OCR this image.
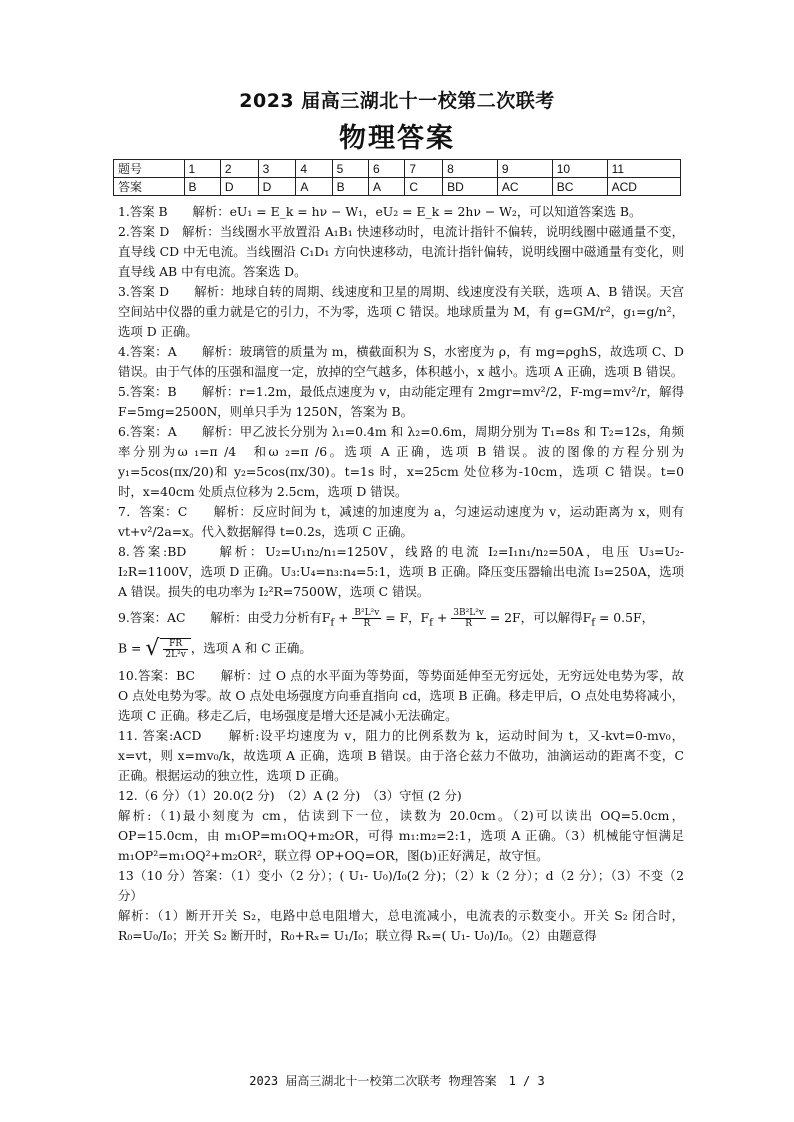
2023 届高三湖北十一校第二次联考
物理答案
题号	1	2	3	4	5	6	7	8	9	10	11
答案	B	D	D	A	B	A	C	BD	AC	BC	ACD

1.答案 B　　解析：eU₁ = E_k = hν − W₁，eU₂ = E_k = 2hν − W₂，可以知道答案选 B。

2.答案 D　解析：当线圈水平放置沿 A₁B₁ 快速移动时，电流计指针不偏转，说明线圈中磁通量不变，直导线 CD 中无电流。当线圈沿 C₁D₁ 方向快速移动，电流计指针偏转，说明线圈中磁通量有变化，则直导线 AB 中有电流。答案选 D。

3.答案 D　　解析：地球自转的周期、线速度和卫星的周期、线速度没有关联，选项 A、B 错误。天宫空间站中仪器的重力就是它的引力，不为零，选项 C 错误。地球质量为 M，有 g=GM/r²，g₁=g/n²，选项 D 正确。

4.答案：A　　解析：玻璃管的质量为 m，横截面积为 S，水密度为 ρ，有 mg=ρghS，故选项 C、D 错误。由于气体的压强和温度一定，放掉的空气越多，体积越小，x 越小。选项 A 正确，选项 B 错误。

5.答案：B　　解析：r=1.2m，最低点速度为 v，由动能定理有 2mgr=mv²/2，F-mg=mv²/r，解得 F=5mg=2500N，则单只手为 1250N，答案为 B。

6.答案：A　　解析：甲乙波长分别为 λ₁=0.4m 和 λ₂=0.6m，周期分别为 T₁=8s 和 T₂=12s，角频率分别为ω ₁=π /4　和ω ₂=π /6。选项 A 正确，选项 B 错误。波的图像的方程分别为 y₁=5cos(πx/20)和 y₂=5cos(πx/30)。t=1s 时，x=25cm 处位移为-10cm，选项 C 错误。t=0 时，x=40cm 处质点位移为 2.5cm，选项 D 错误。

7．答案：C　　解析：反应时间为 t，减速的加速度为 a，匀速运动速度为 v，运动距离为 x，则有 vt+v²/2a=x。代入数据解得 t=0.2s，选项 C 正确。

8.答案:BD　　解析：U₂=U₁n₂/n₁=1250V，线路的电流 I₂=I₁n₁/n₂=50A，电压 U₃=U₂-I₂R=1100V，选项 D 正确。U₃:U₄=n₃:n₄=5:1，选项 B 正确。降压变压器输出电流 I₃=250A，选项 A 错误。损失的电功率为 I₂²R=7500W，选项 C 错误。

9.答案：AC　　解析：由受力分析有$F_f + \frac{\text{B²L²v}}{R} = F$，$F_f + \frac{\text{3B²L²v}}{R} = 2F$，可以解得$F_f = 0.5F$，

B = √ $\frac{FR}{\text{2L²v}}$ ，选项 A 和 C 正确。

10.答案：BC　　解析：过 O 点的水平面为等势面，等势面延伸至无穷远处，无穷远处电势为零，故 O 点处电势为零。故 O 点处电场强度方向垂直指向 cd，选项 B 正确。移走甲后，O 点处电势将减小，选项 C 正确。移走乙后，电场强度是增大还是减小无法确定。

11. 答案:ACD　　解析:设平均速度为 v，阻力的比例系数为 k，运动时间为 t，又-kvt=0-mv₀，x=vt，则 x=mv₀/k，故选项 A 正确，选项 B 错误。由于洛仑兹力不做功，油滴运动的距离不变，C 正确。根据运动的独立性，选项 D 正确。

12.（6 分）（1）20.0(2 分)　（2）A (2 分)　（3）守恒 (2 分)

解析:（1)最小刻度为 cm，估读到下一位，读数为 20.0cm。（2)可以读出 OQ=5.0cm，OP=15.0cm，由 m₁OP=m₁OQ+m₂OR，可得 m₁:m₂=2:1，选项 A 正确。（3）机械能守恒满足 m₁OP²=m₁OQ²+m₂OR²，联立得 OP+OQ=OR，图(b)正好满足，故守恒。

13（10 分）答案：（1）变小（2 分）；( U₁- U₀)/I₀(2 分)；（2）k（2 分）；d（2 分）；（3）不变（2 分）

解析：（1）断开开关 S₂，电路中总电阻增大，总电流减小，电流表的示数变小。开关 S₂ 闭合时，R₀=U₀/I₀；开关 S₂ 断开时，R₀+Rₓ= U₁/I₀；联立得 Rₓ=( U₁- U₀)/I₀。（2）由题意得

2023 届高三湖北十一校第二次联考 物理答案　1 / 3
